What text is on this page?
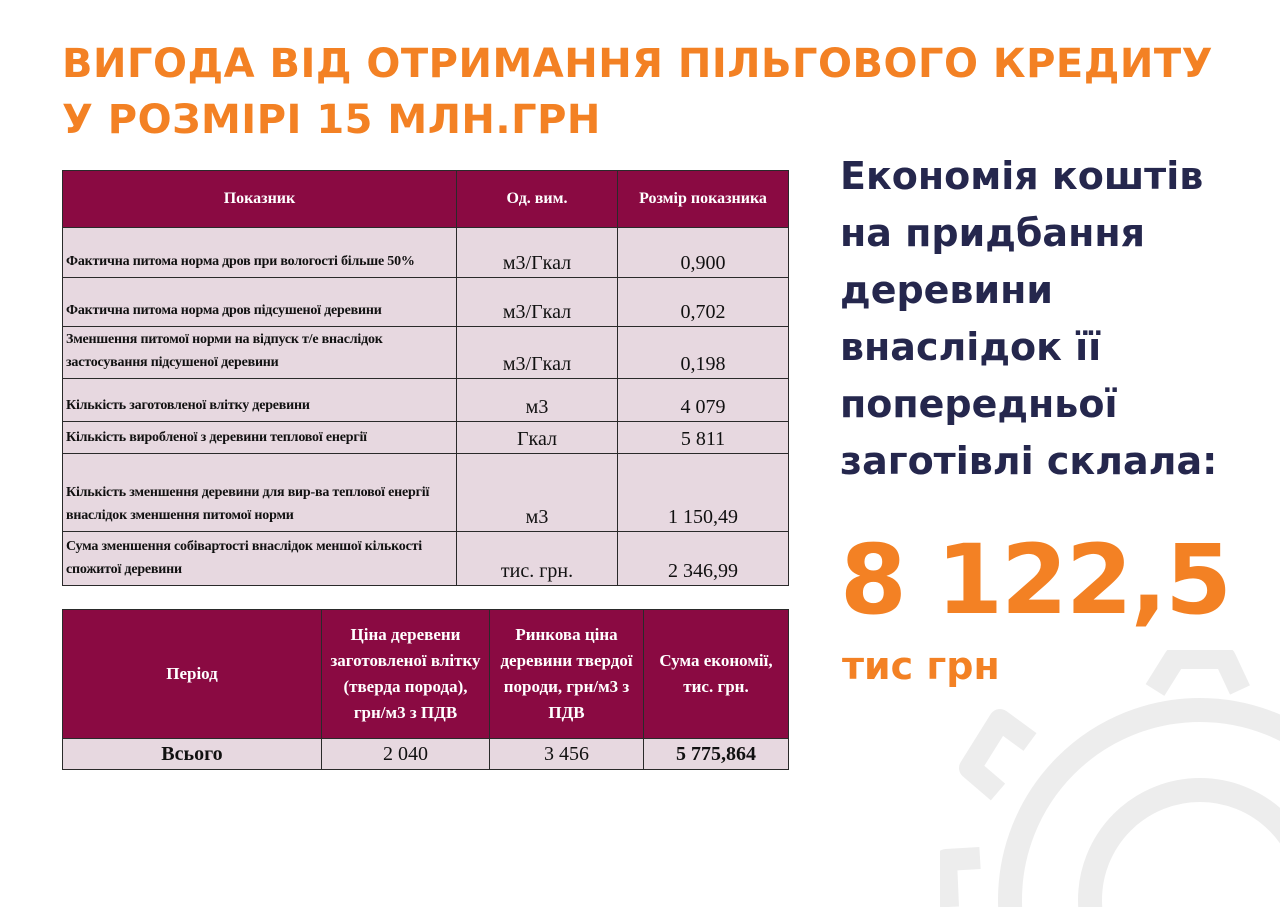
ВИГОДА ВІД ОТРИМАННЯ ПІЛЬГОВОГО КРЕДИТУ
У РОЗМІРІ 15 МЛН.ГРН
Показник	Од. вим.	Розмір показника
Фактична питома норма дров при вологості більше 50%	м3/Гкал	0,900
Фактична питома норма дров підсушеної деревини	м3/Гкал	0,702
Зменшення питомої норми на відпуск т/е внаслідок застосування підсушеної деревини	м3/Гкал	0,198
Кількість заготовленої влітку деревини	м3	4 079
Кількість виробленої з деревини теплової енергії	Гкал	5 811
Кількість зменшення деревини для вир-ва теплової енергії внаслідок зменшення питомої норми	м3	1 150,49
Сума зменшення собівартості внаслідок меншої кількості спожитої деревини	тис. грн.	2 346,99
Період	Ціна деревени заготовленої влітку (тверда порода), грн/м3 з ПДВ	Ринкова ціна деревини твердої породи, грн/м3 з ПДВ	Сума економії, тис. грн.
Всього	2 040	3 456	5 775,864
Економія коштів
на придбання
деревини
внаслідок її
попередньої
заготівлі склала:
8 122,5
тис грн
